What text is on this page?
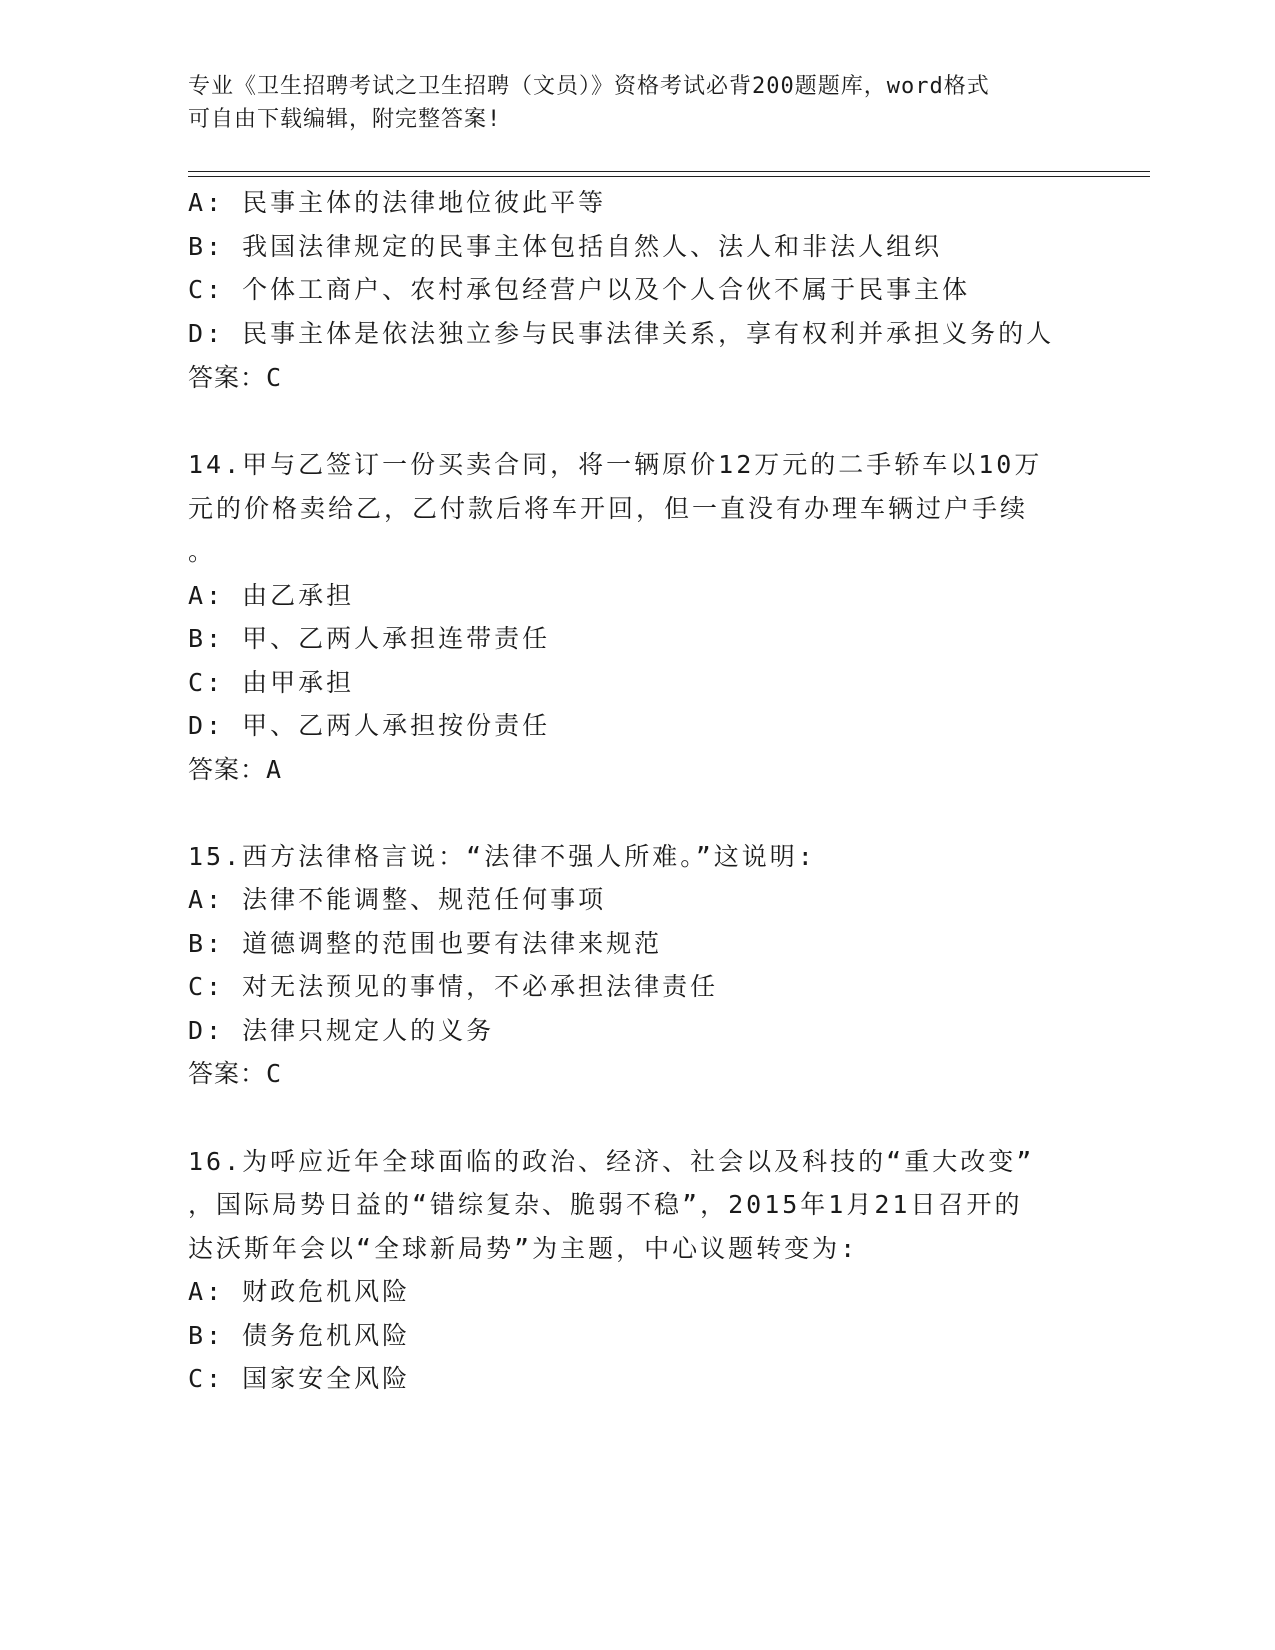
专业《卫生招聘考试之卫生招聘（文员）》资格考试必背200题题库，word格式
可自由下载编辑，附完整答案!
A: 民事主体的法律地位彼此平等
B: 我国法律规定的民事主体包括自然人、法人和非法人组织
C: 个体工商户、农村承包经营户以及个人合伙不属于民事主体
D: 民事主体是依法独立参与民事法律关系，享有权利并承担义务的人
答案：C
14.甲与乙签订一份买卖合同，将一辆原价12万元的二手轿车以10万
元的价格卖给乙，乙付款后将车开回，但一直没有办理车辆过户手续
。
A: 由乙承担
B: 甲、乙两人承担连带责任
C: 由甲承担
D: 甲、乙两人承担按份责任
答案：A
15.西方法律格言说：“法律不强人所难。”这说明:
A: 法律不能调整、规范任何事项
B: 道德调整的范围也要有法律来规范
C: 对无法预见的事情，不必承担法律责任
D: 法律只规定人的义务
答案：C
16.为呼应近年全球面临的政治、经济、社会以及科技的“重大改变”
，国际局势日益的“错综复杂、脆弱不稳”，2015年1月21日召开的
达沃斯年会以“全球新局势”为主题，中心议题转变为:
A: 财政危机风险
B: 债务危机风险
C: 国家安全风险
